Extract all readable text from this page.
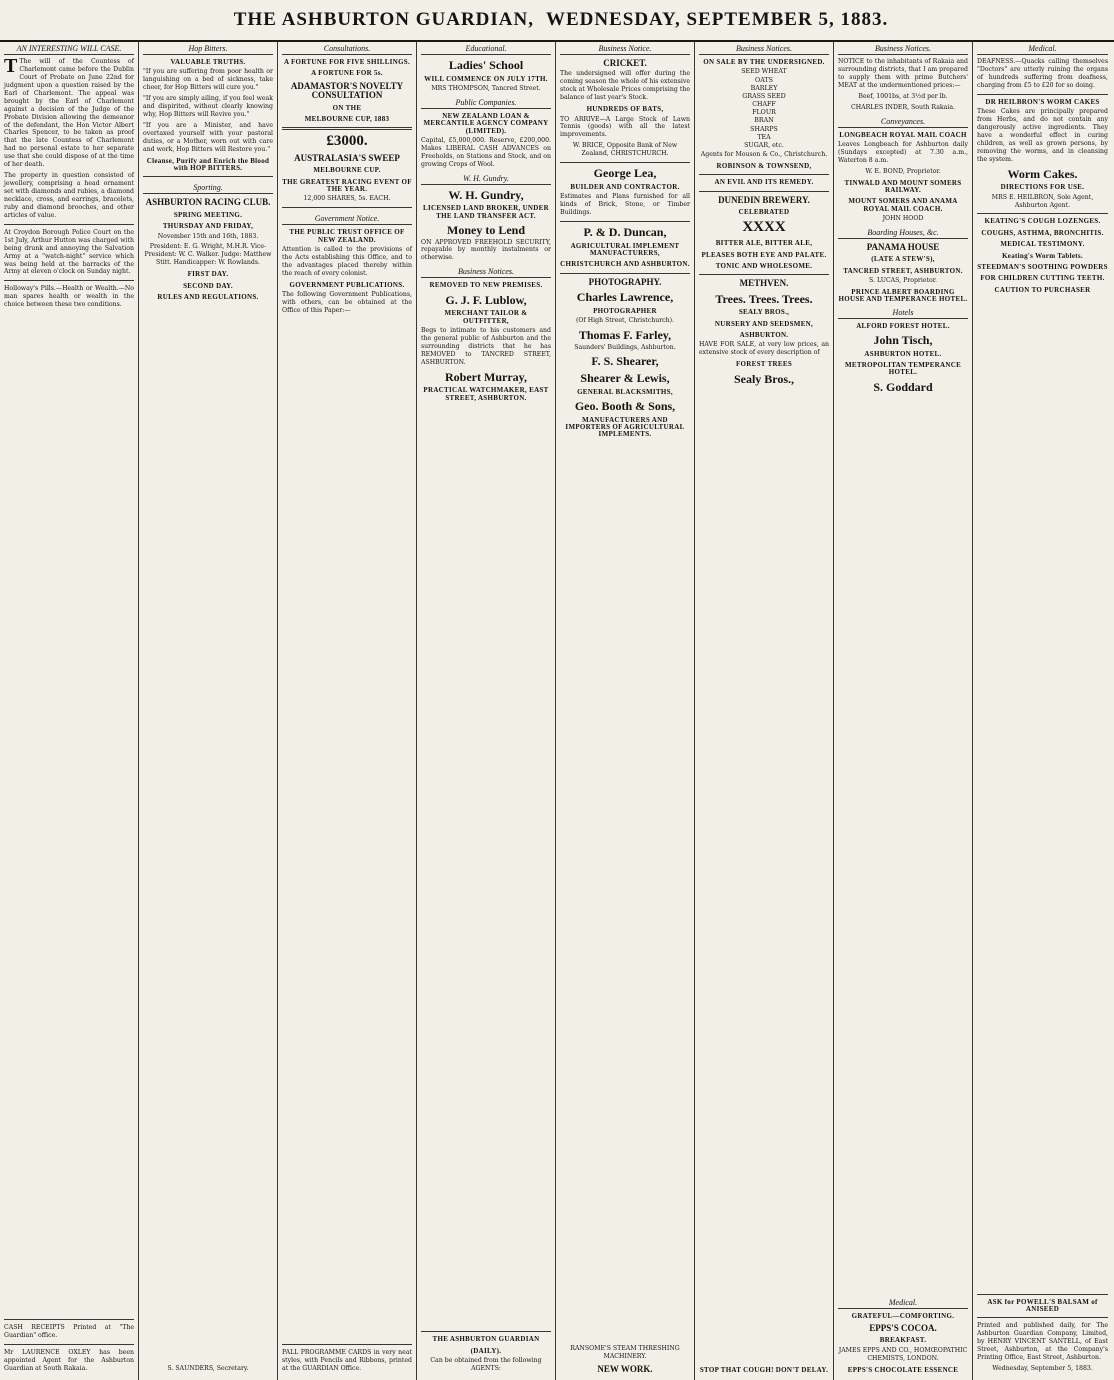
THE ASHBURTON GUARDIAN, WEDNESDAY, SEPTEMBER 5, 1883.
AN INTERESTING WILL CASE.
T The will of the Countess of Charlemont came before the Dublin Court of Probate on June 22nd for judgment upon a question raised by the Earl of Charlemont. The appeal was brought by the Earl of Charlemont against a decision of the Judge of the Probate Division allowing the demeanor of the defendant, the Hon Victor Albert Charles Spencer, to be taken as proof that the late Countess of Charlemont had no personal estate to her separate use that she could dispose of at the time of her death.
The property in question consisted of jewellery, comprising a head ornament set with diamonds and rubies, a diamond necklace, cross, and earrings, bracelets, ruby and diamond brooches, and other articles of value.
At Croydon Borough Police Court on the 1st July, Arthur Hutton was charged with being drunk and annoying the Salvation Army at a "watch-night" service which was being held at the barracks of the Army at eleven o'clock on Sunday night.
Holloway's Pills.—Health or Wealth.—No man spares health or wealth in the choice between these two conditions.
CASH RECEIPTS Printed at "The Guardian" office.
Mr LAURENCE OXLEY has been appointed Agent for the Ashburton Guardian at South Rakaia.
Hop Bitters.
VALUABLE TRUTHS.
"If you are suffering from poor health or languishing on a bed of sickness, take cheer, for Hop Bitters will cure you."
"If you are simply ailing, if you feel weak and dispirited, without clearly knowing why, Hop Bitters will Revive you."
"If you are a Minister, and have overtaxed yourself with your pastoral duties, or a Mother, worn out with care and work, Hop Bitters will Restore you."
Cleanse, Purify and Enrich the Blood with HOP BITTERS.
Sporting.
ASHBURTON RACING CLUB.
SPRING MEETING.
THURSDAY AND FRIDAY,
November 15th and 16th, 1883.
President: E. G. Wright, M.H.R. Vice-President: W. C. Walker. Judge: Matthew Stitt. Handicapper: W. Rowlands.
FIRST DAY.
SECOND DAY.
RULES AND REGULATIONS.
S. SAUNDERS, Secretary.
Consultations.
A FORTUNE FOR FIVE SHILLINGS.
A FORTUNE FOR 5s.
ADAMASTOR'S NOVELTY CONSULTATION
ON THE
MELBOURNE CUP, 1883
£3000.
AUSTRALASIA'S SWEEP
MELBOURNE CUP.
THE GREATEST RACING EVENT OF THE YEAR.
12,000 SHARES, 5s. EACH.
Government Notice.
THE PUBLIC TRUST OFFICE OF NEW ZEALAND.
Attention is called to the provisions of the Acts establishing this Office, and to the advantages placed thereby within the reach of every colonist.
GOVERNMENT PUBLICATIONS.
The following Government Publications, with others, can be obtained at the Office of this Paper:—
PALL PROGRAMME CARDS in very neat styles, with Pencils and Ribbons, printed at the GUARDIAN Office.
Educational.
Ladies' School
WILL COMMENCE ON JULY 17TH.
MRS THOMPSON, Tancred Street.
Public Companies.
NEW ZEALAND LOAN & MERCANTILE AGENCY COMPANY (LIMITED).
Capital, £5,000,000. Reserve, £200,000. Makes LIBERAL CASH ADVANCES on Freeholds, on Stations and Stock, and on growing Crops of Wool.
W. H. Gundry.
W. H. Gundry,
LICENSED LAND BROKER, UNDER THE LAND TRANSFER ACT.
Money to Lend
ON APPROVED FREEHOLD SECURITY, repayable by monthly instalments or otherwise.
Business Notices.
REMOVED TO NEW PREMISES.
G. J. F. Lublow,
MERCHANT TAILOR & OUTFITTER,
Begs to intimate to his customers and the general public of Ashburton and the surrounding districts that he has REMOVED to TANCRED STREET, ASHBURTON.
Robert Murray,
PRACTICAL WATCHMAKER, EAST STREET, ASHBURTON.
THE ASHBURTON GUARDIAN
(DAILY).
Can be obtained from the following AGENTS:
Business Notice.
CRICKET.
The undersigned will offer during the coming season the whole of his extensive stock at Wholesale Prices comprising the balance of last year's Stock.
HUNDREDS OF BATS,
TO ARRIVE—A Large Stock of Lawn Tennis (goods) with all the latest improvements.
W. BRICE, Opposite Bank of New Zealand, CHRISTCHURCH.
George Lea,
BUILDER AND CONTRACTOR.
Estimates and Plans furnished for all kinds of Brick, Stone, or Timber Buildings.
P. & D. Duncan,
AGRICULTURAL IMPLEMENT MANUFACTURERS,
CHRISTCHURCH AND ASHBURTON.
PHOTOGRAPHY.
Charles Lawrence,
PHOTOGRAPHER
(Of High Street, Christchurch).
Thomas F. Farley,
Saunders' Buildings, Ashburton.
F. S. Shearer,
Shearer & Lewis,
GENERAL BLACKSMITHS,
Geo. Booth & Sons,
MANUFACTURERS AND IMPORTERS OF AGRICULTURAL IMPLEMENTS.
RANSOME'S STEAM THRESHING MACHINERY.
NEW WORK.
Business Notices.
ON SALE BY THE UNDERSIGNED.
SEED WHEAT
OATS
BARLEY
GRASS SEED
CHAFF
FLOUR
BRAN
SHARPS
TEA
SUGAR, etc.
Agents for Mouson & Co., Christchurch.
ROBINSON & TOWNSEND,
AN EVIL AND ITS REMEDY.
DUNEDIN BREWERY.
CELEBRATED
XXXX
BITTER ALE, BITTER ALE,
PLEASES BOTH EYE AND PALATE.
TONIC AND WHOLESOME.
METHVEN.
Trees. Trees. Trees.
SEALY BROS.,
NURSERY AND SEEDSMEN,
ASHBURTON.
HAVE FOR SALE, at very low prices, an extensive stock of every description of
FOREST TREES
Sealy Bros.,
STOP THAT COUGH! DON'T DELAY.
Business Notices.
NOTICE to the inhabitants of Rakaia and surrounding districts, that I am prepared to supply them with prime Butchers' MEAT at the undermentioned prices:—
Beef, 1001bs, at 3½d per lb.
CHARLES INDER, South Rakaia.
Conveyances.
LONGBEACH ROYAL MAIL COACH
Leaves Longbeach for Ashburton daily (Sundays excepted) at 7.30 a.m., Waterton 8 a.m.
W. E. BOND, Proprietor.
TINWALD AND MOUNT SOMERS RAILWAY.
MOUNT SOMERS AND ANAMA ROYAL MAIL COACH.
JOHN HOOD
Boarding Houses, &c.
PANAMA HOUSE
(LATE A STEW'S),
TANCRED STREET, ASHBURTON.
S. LUCAS, Proprietor.
PRINCE ALBERT BOARDING HOUSE AND TEMPERANCE HOTEL.
Hotels
ALFORD FOREST HOTEL.
John Tisch,
ASHBURTON HOTEL.
METROPOLITAN TEMPERANCE HOTEL.
S. Goddard
Medical.
GRATEFUL—COMFORTING.
EPPS'S COCOA.
BREAKFAST.
JAMES EPPS AND CO., HOMŒOPATHIC CHEMISTS, LONDON.
EPPS'S CHOCOLATE ESSENCE
Medical.
DEAFNESS.—Quacks calling themselves "Doctors" are utterly ruining the organs of hundreds suffering from deafness, charging from £5 to £20 for so doing.
DR HEILBRON'S WORM CAKES
These Cakes are principally prepared from Herbs, and do not contain any dangerously active ingredients. They have a wonderful effect in curing children, as well as grown persons, by removing the worms, and in cleansing the system.
Worm Cakes.
DIRECTIONS FOR USE.
MRS E. HEILBRON, Sole Agent, Ashburton Agent.
KEATING'S COUGH LOZENGES.
COUGHS, ASTHMA, BRONCHITIS.
MEDICAL TESTIMONY.
Keating's Worm Tablets.
STEEDMAN'S SOOTHING POWDERS
FOR CHILDREN CUTTING TEETH.
CAUTION TO PURCHASER
ASK for POWELL'S BALSAM of ANISEED
Printed and published daily, for The Ashburton Guardian Company, Limited, by HENRY VINCENT SANTELL, of East Street, Ashburton, at the Company's Printing Office, East Street, Ashburton.
Wednesday, September 5, 1883.
